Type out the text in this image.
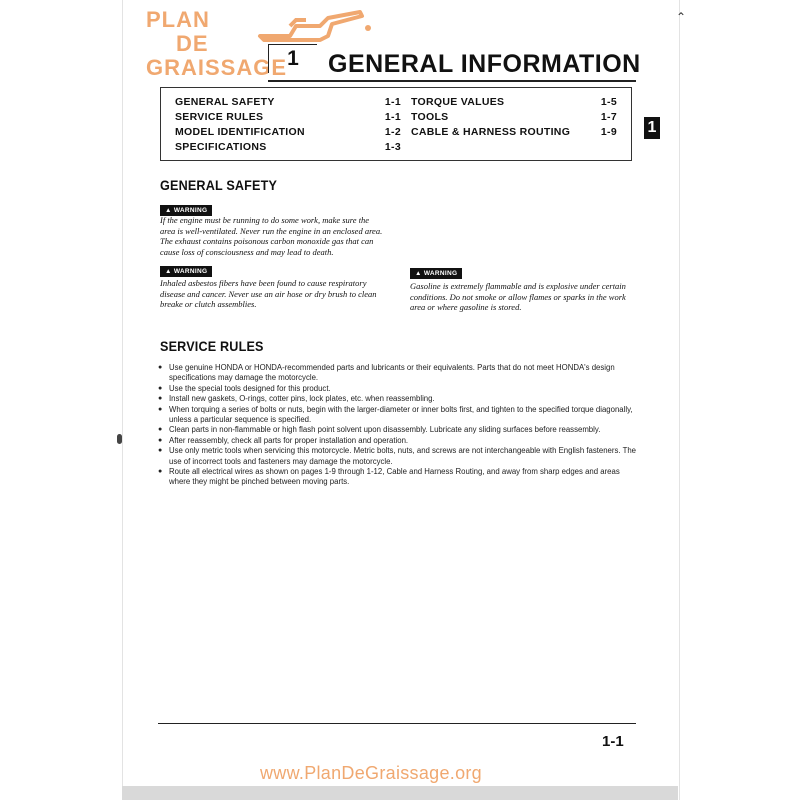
⌃
PLAN
DE
GRAISSAGE 1	GENERAL INFORMATION
1
GENERAL SAFETY	1-1
SERVICE RULES	1-1
MODEL IDENTIFICATION	1-2
SPECIFICATIONS	1-3
TORQUE VALUES	1-5
TOOLS	1-7
CABLE & HARNESS ROUTING	1-9
GENERAL SAFETY
▲ WARNING
If the engine must be running to do some work, make sure the area is well-ventilated. Never run the engine in an enclosed area. The exhaust contains poisonous carbon monoxide gas that can cause loss of consciousness and may lead to death.
▲ WARNING
Inhaled asbestos fibers have been found to cause respiratory disease and cancer. Never use an air hose or dry brush to clean breake or clutch assemblies.
▲ WARNING
Gasoline is extremely flammable and is explosive under certain conditions. Do not smoke or allow flames or sparks in the work area or where gasoline is stored.
SERVICE RULES
● Use genuine HONDA or HONDA-recommended parts and lubricants or their equivalents. Parts that do not meet HONDA's design specifications may damage the motorcycle.
● Use the special tools designed for this product.
● Install new gaskets, O-rings, cotter pins, lock plates, etc. when reassembling.
● When torquing a series of bolts or nuts, begin with the larger-diameter or inner bolts first, and tighten to the specified torque diagonally, unless a particular sequence is specified.
● Clean parts in non-flammable or high flash point solvent upon disassembly. Lubricate any sliding surfaces before reassembly.
● After reassembly, check all parts for proper installation and operation.
● Use only metric tools when servicing this motorcycle. Metric bolts, nuts, and screws are not interchangeable with English fasteners. The use of incorrect tools and fasteners may damage the motorcycle.
● Route all electrical wires as shown on pages 1-9 through 1-12, Cable and Harness Routing, and away from sharp edges and areas where they might be pinched between moving parts.
1-1
www.PlanDeGraissage.org
